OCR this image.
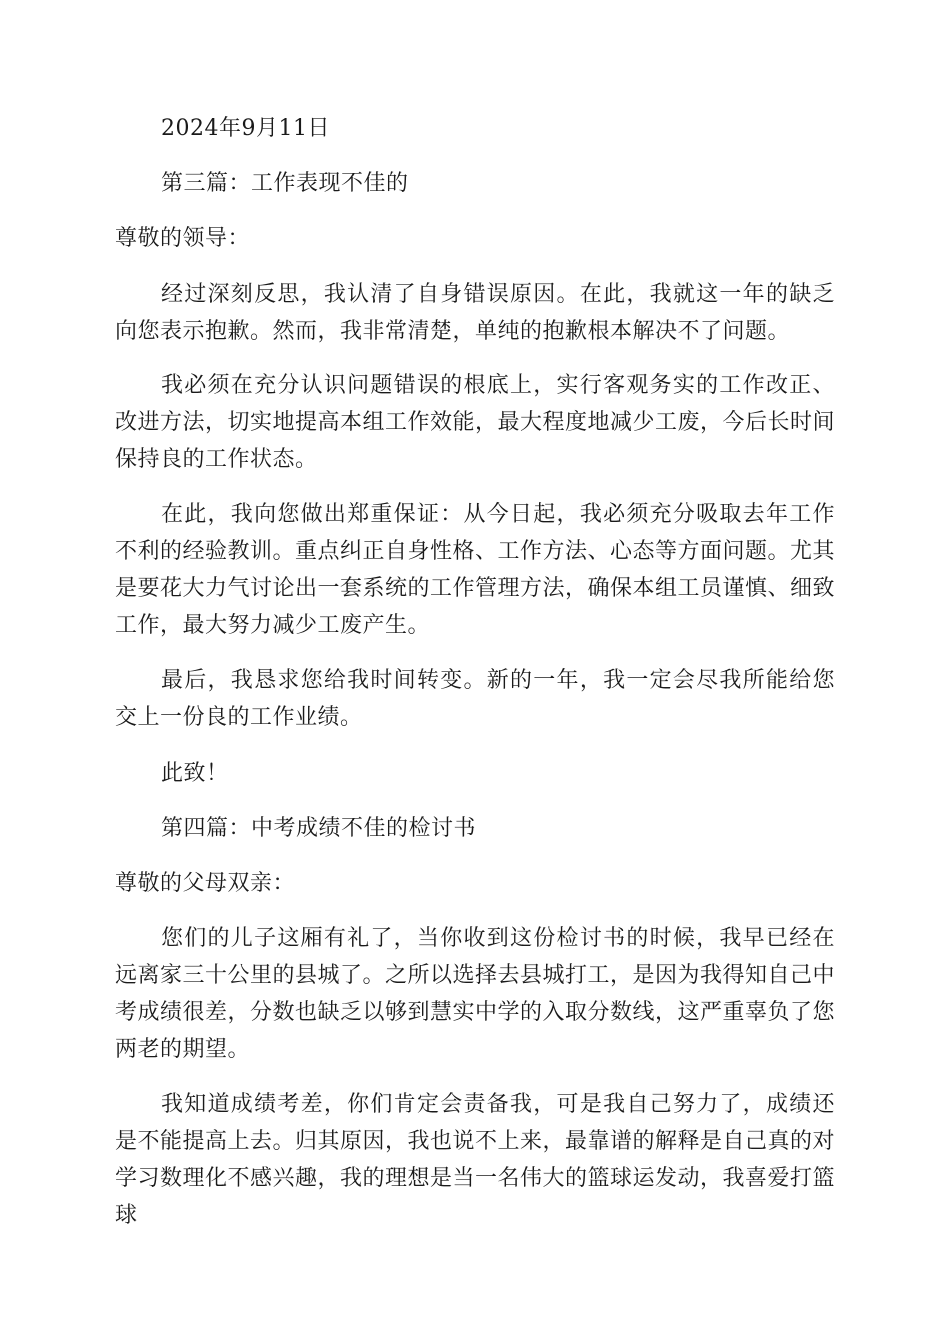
2024年9月11日
第三篇：工作表现不佳的
尊敬的领导：
经过深刻反思，我认清了自身错误原因。在此，我就这一年的缺乏向您表示抱歉。然而，我非常清楚，单纯的抱歉根本解决不了问题。
我必须在充分认识问题错误的根底上，实行客观务实的工作改正、改进方法，切实地提高本组工作效能，最大程度地减少工废，今后长时间保持良的工作状态。
在此，我向您做出郑重保证：从今日起，我必须充分吸取去年工作不利的经验教训。重点纠正自身性格、工作方法、心态等方面问题。尤其是要花大力气讨论出一套系统的工作管理方法，确保本组工员谨慎、细致工作，最大努力减少工废产生。
最后，我恳求您给我时间转变。新的一年，我一定会尽我所能给您交上一份良的工作业绩。
此致！
第四篇：中考成绩不佳的检讨书
尊敬的父母双亲：
您们的儿子这厢有礼了，当你收到这份检讨书的时候，我早已经在远离家三十公里的县城了。之所以选择去县城打工，是因为我得知自己中考成绩很差，分数也缺乏以够到慧实中学的入取分数线，这严重辜负了您两老的期望。
我知道成绩考差，你们肯定会责备我，可是我自己努力了，成绩还是不能提高上去。归其原因，我也说不上来，最靠谱的解释是自己真的对学习数理化不感兴趣，我的理想是当一名伟大的篮球运发动，我喜爱打篮球
